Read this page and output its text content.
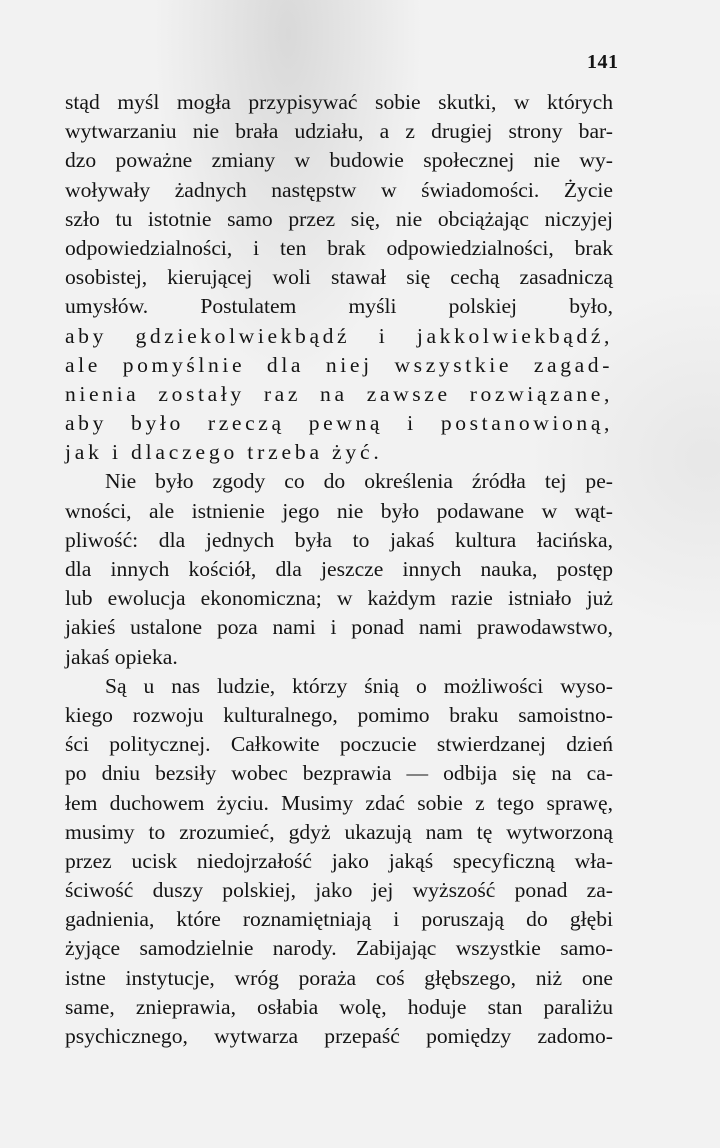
141
stąd myśl mogła przypisywać sobie skutki, w których
wytwarzaniu nie brała udziału, a z drugiej strony bar-
dzo poważne zmiany w budowie społecznej nie wy-
woływały żadnych następstw w świadomości. Życie
szło tu istotnie samo przez się, nie obciążając niczyjej
odpowiedzialności, i ten brak odpowiedzialności, brak
osobistej, kierującej woli stawał się cechą zasadniczą
umysłów. Postulatem myśli polskiej było,
aby gdziekolwiekbądź i jakkolwiekbądź,
ale pomyślnie dla niej wszystkie zagad-
nienia zostały raz na zawsze rozwiązane,
aby było rzeczą pewną i postanowioną,
jak i dlaczego trzeba żyć.
Nie było zgody co do określenia źródła tej pe-
wności, ale istnienie jego nie było podawane w wąt-
pliwość: dla jednych była to jakaś kultura łacińska,
dla innych kościół, dla jeszcze innych nauka, postęp
lub ewolucja ekonomiczna; w każdym razie istniało już
jakieś ustalone poza nami i ponad nami prawodawstwo,
jakaś opieka.
Są u nas ludzie, którzy śnią o możliwości wyso-
kiego rozwoju kulturalnego, pomimo braku samoistno-
ści politycznej. Całkowite poczucie stwierdzanej dzień
po dniu bezsiły wobec bezprawia — odbija się na ca-
łem duchowem życiu. Musimy zdać sobie z tego sprawę,
musimy to zrozumieć, gdyż ukazują nam tę wytworzoną
przez ucisk niedojrzałość jako jakąś specyficzną wła-
ściwość duszy polskiej, jako jej wyższość ponad za-
gadnienia, które roznamiętniają i poruszają do głębi
żyjące samodzielnie narody. Zabijając wszystkie samo-
istne instytucje, wróg poraża coś głębszego, niż one
same, znieprawia, osłabia wolę, hoduje stan paraliżu
psychicznego, wytwarza przepaść pomiędzy zadomo-
